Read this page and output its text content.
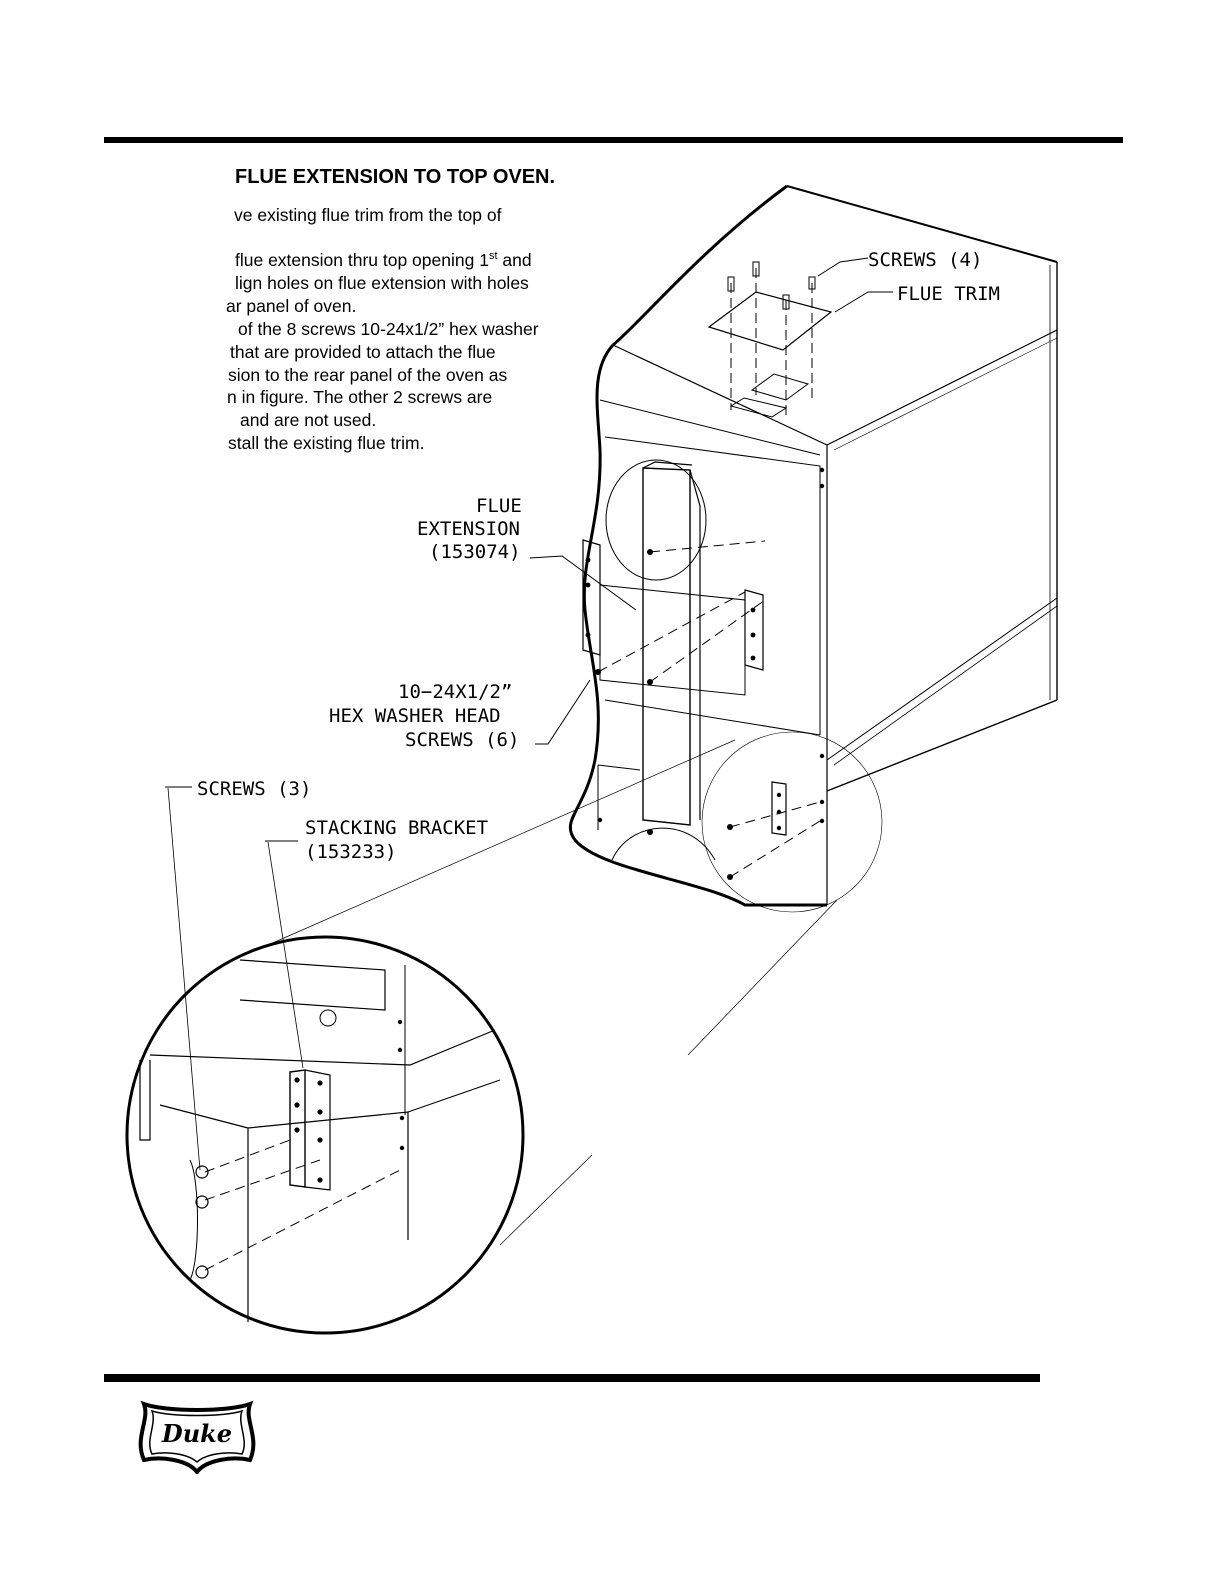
FLUE EXTENSION TO TOP OVEN.
ve existing flue trim from the top of
flue extension thru top opening 1st and
lign holes on flue extension with holes
ar panel of oven.
of the 8 screws 10-24x1/2” hex washer
that are provided to attach the flue
sion to the rear panel of the oven as
n in figure. The other 2 screws are
and are not used.
stall the existing flue trim.
SCREWS (4)
FLUE TRIM
FLUE
EXTENSION
(153074)
10−24X1/2”
HEX WASHER HEAD
SCREWS (6)
SCREWS (3)
STACKING BRACKET
(153233)
Duke
